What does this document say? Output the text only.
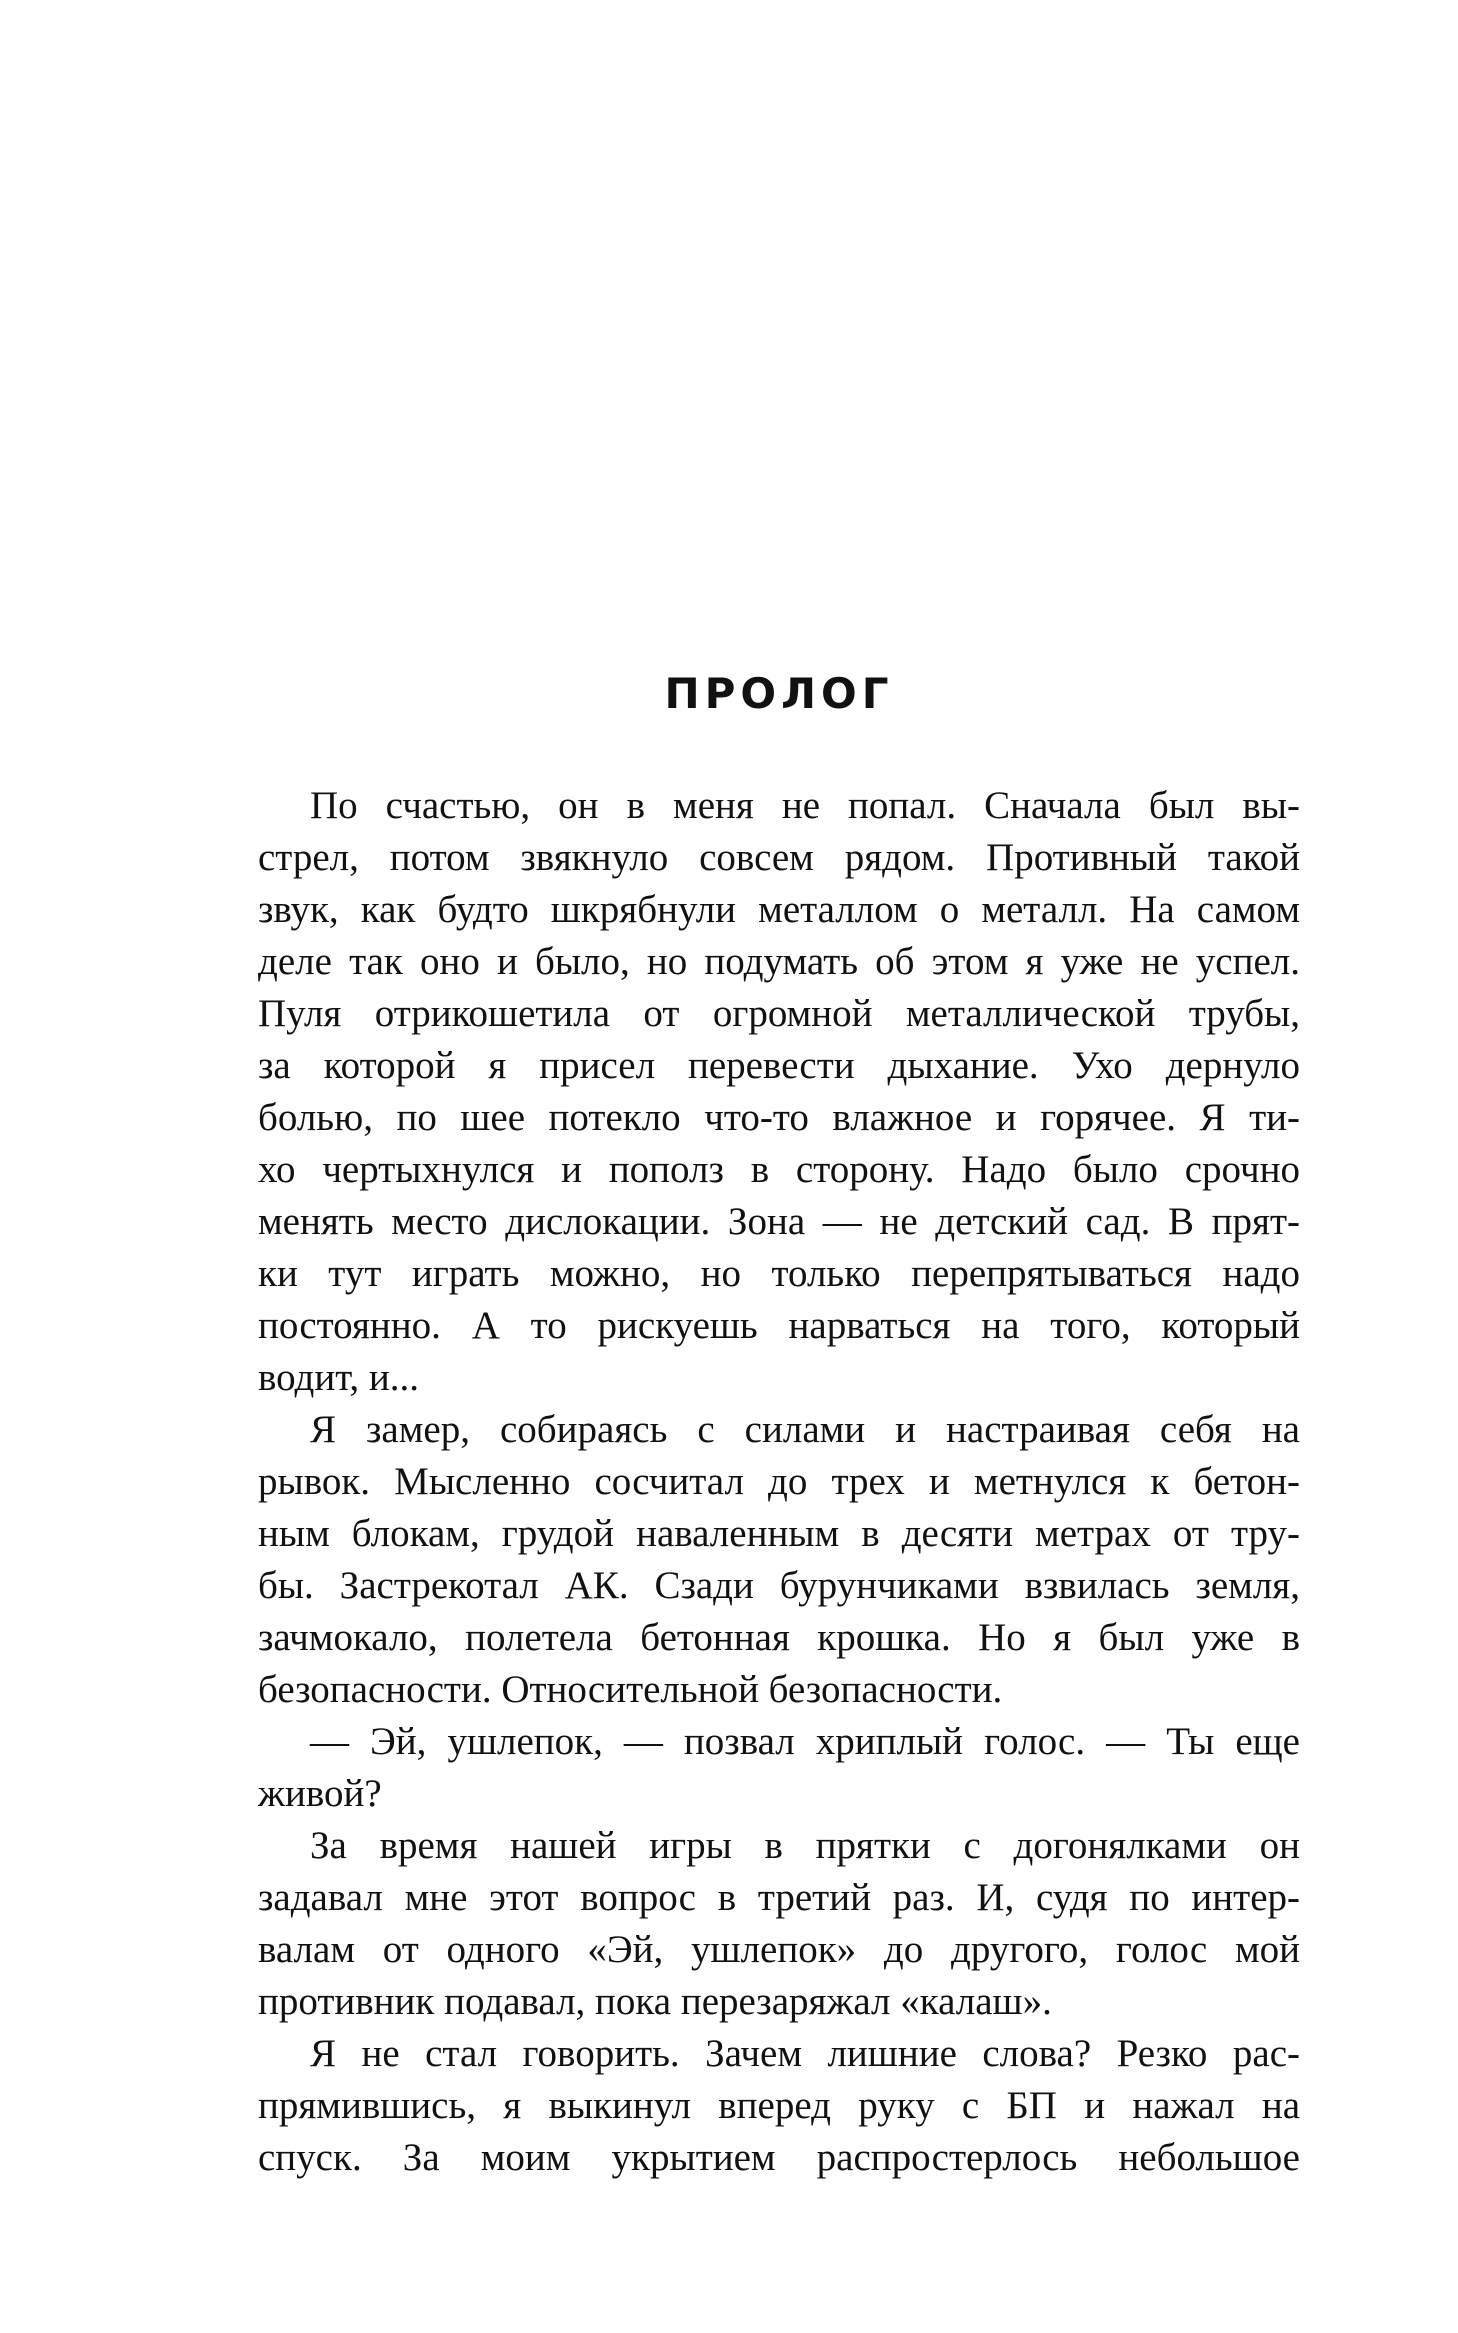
ПРОЛОГ
По счастью, он в меня не попал. Сначала был вы-
стрел, потом звякнуло совсем рядом. Противный такой
звук, как будто шкрябнули металлом о металл. На самом
деле так оно и было, но подумать об этом я уже не успел.
Пуля отрикошетила от огромной металлической трубы,
за которой я присел перевести дыхание. Ухо дернуло
болью, по шее потекло что-то влажное и горячее. Я ти-
хо чертыхнулся и пополз в сторону. Надо было срочно
менять место дислокации. Зона — не детский сад. В прят-
ки тут играть можно, но только перепрятываться надо
постоянно. А то рискуешь нарваться на того, который
водит, и...
Я замер, собираясь с силами и настраивая себя на
рывок. Мысленно сосчитал до трех и метнулся к бетон-
ным блокам, грудой наваленным в десяти метрах от тру-
бы. Застрекотал АК. Сзади бурунчиками взвилась земля,
зачмокало, полетела бетонная крошка. Но я был уже в
безопасности. Относительной безопасности.
— Эй, ушлепок, — позвал хриплый голос. — Ты еще
живой?
За время нашей игры в прятки с догонялками он
задавал мне этот вопрос в третий раз. И, судя по интер-
валам от одного «Эй, ушлепок» до другого, голос мой
противник подавал, пока перезаряжал «калаш».
Я не стал говорить. Зачем лишние слова? Резко рас-
прямившись, я выкинул вперед руку с БП и нажал на
спуск. За моим укрытием распростерлось небольшое
